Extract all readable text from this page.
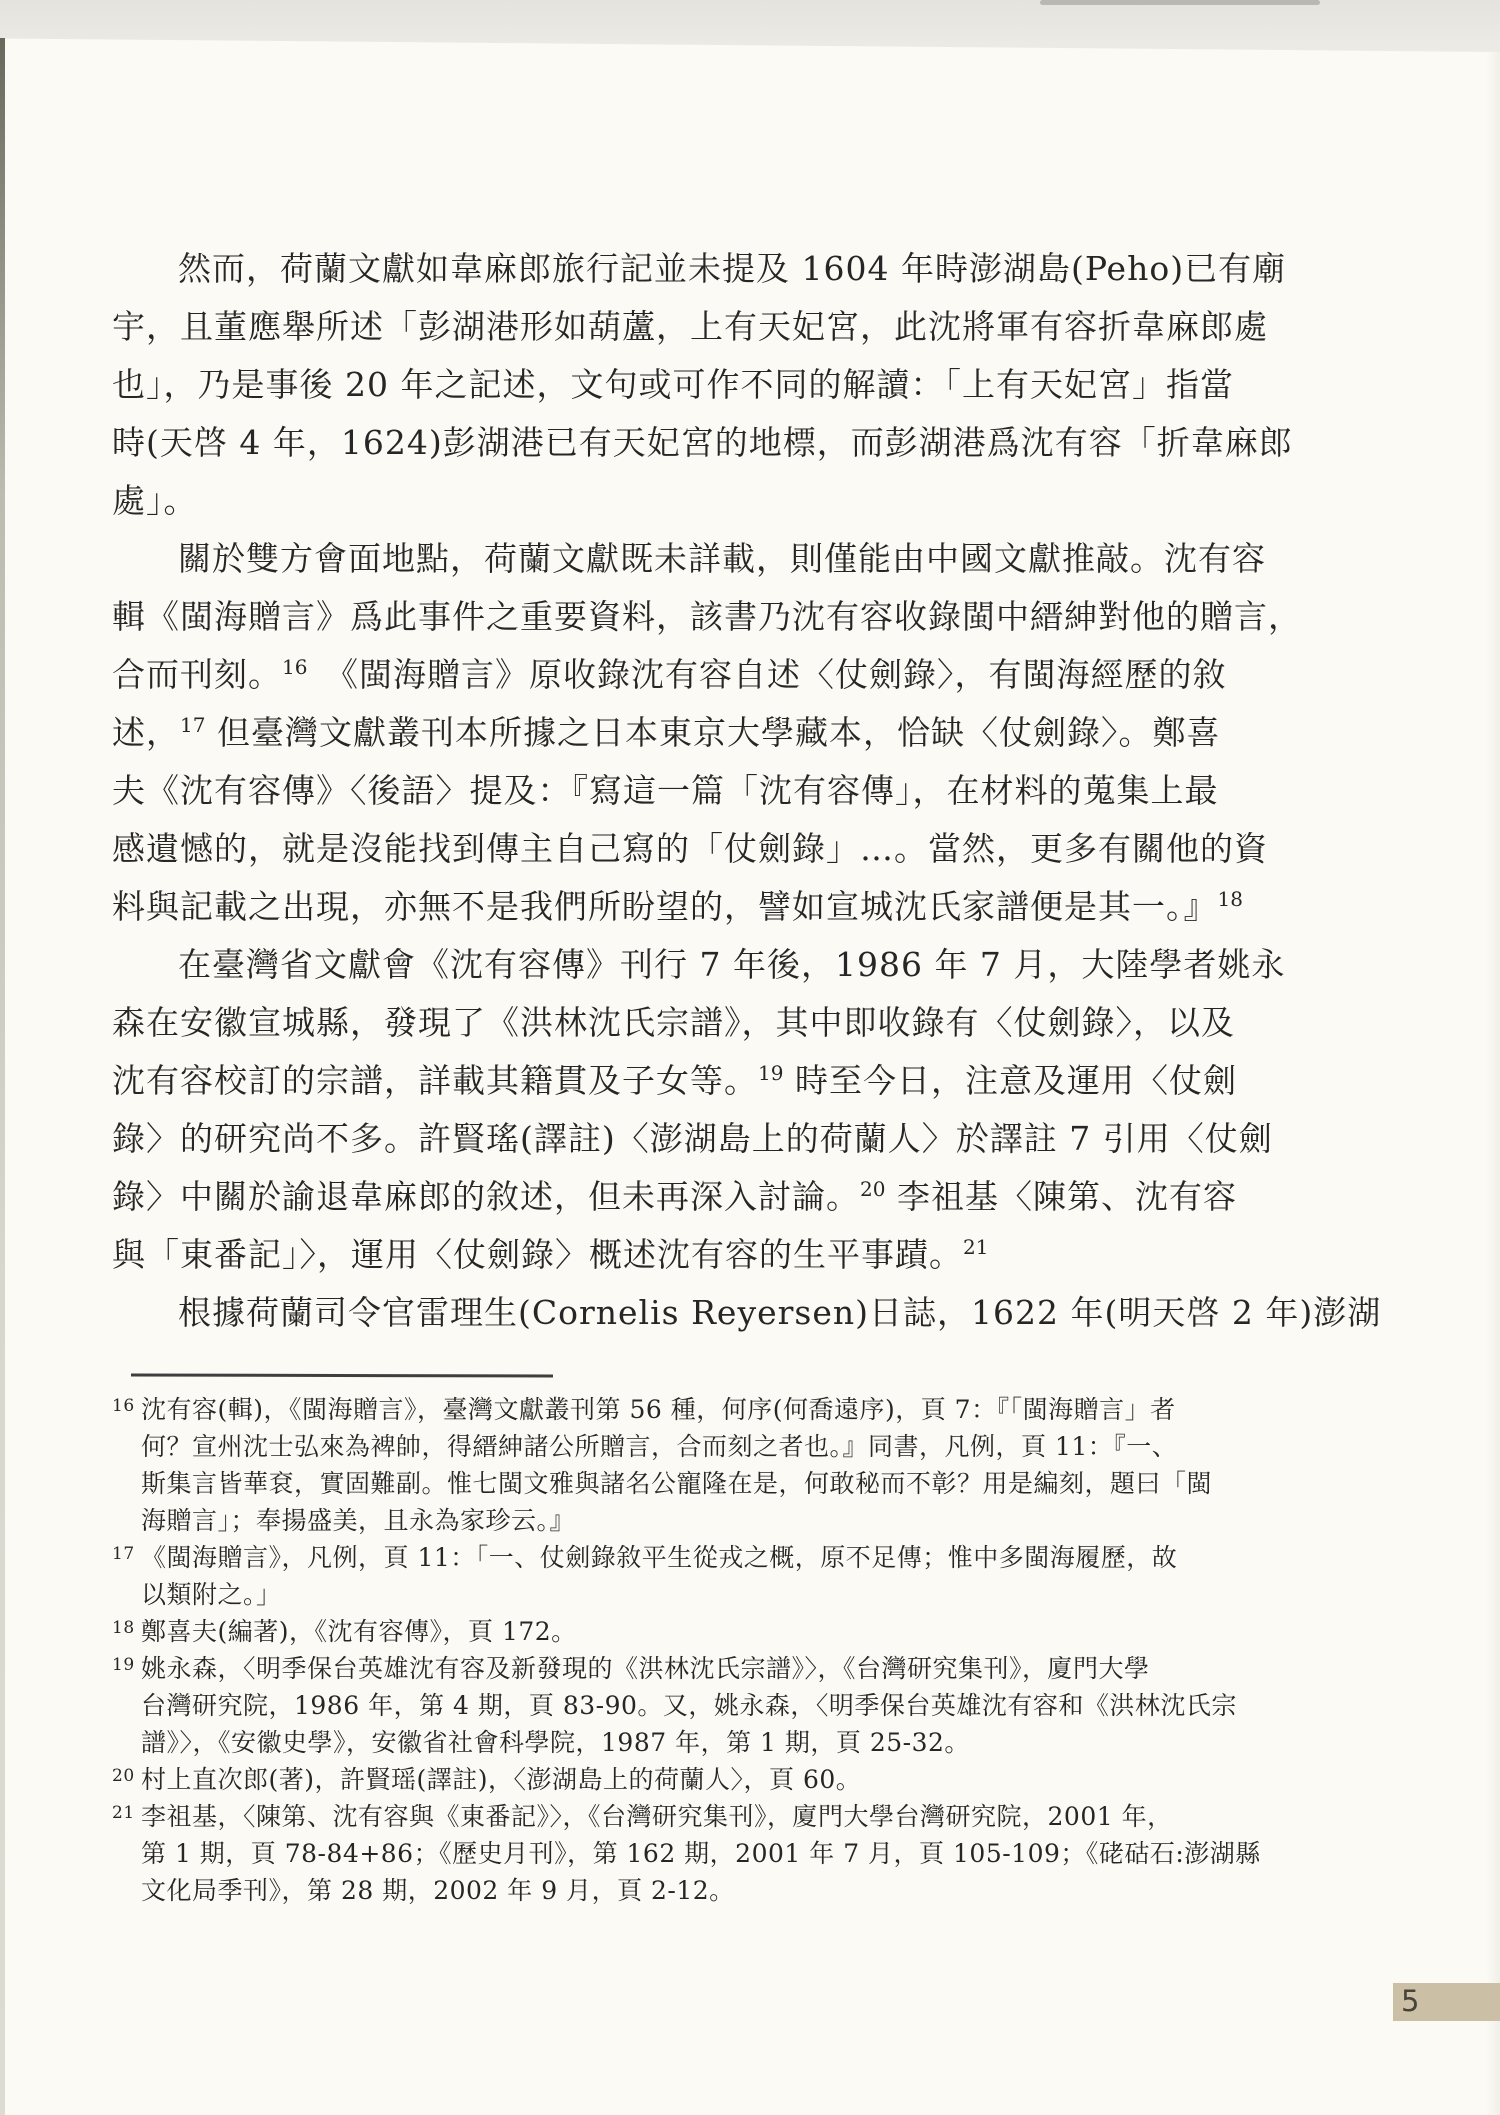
然而，荷蘭文獻如韋麻郎旅行記並未提及 1604 年時澎湖島(Peho)已有廟
宇，且董應舉所述「彭湖港形如葫蘆，上有天妃宮，此沈將軍有容折韋麻郎處
也」，乃是事後 20 年之記述，文句或可作不同的解讀：「上有天妃宮」指當
時(天啓 4 年，1624)彭湖港已有天妃宮的地標，而彭湖港爲沈有容「折韋麻郎
處」。
關於雙方會面地點，荷蘭文獻既未詳載，則僅能由中國文獻推敲。沈有容
輯《閩海贈言》爲此事件之重要資料，該書乃沈有容收錄閩中縉紳對他的贈言，
合而刊刻。$^{16}$　《閩海贈言》原收錄沈有容自述〈仗劍錄〉，有閩海經歷的敘
述，$^{17}$ 但臺灣文獻叢刊本所據之日本東京大學藏本，恰缺〈仗劍錄〉。鄭喜
夫《沈有容傳》〈後語〉提及：『寫這一篇「沈有容傳」，在材料的蒐集上最
感遺憾的，就是沒能找到傳主自己寫的「仗劍錄」…。當然，更多有關他的資
料與記載之出現，亦無不是我們所盼望的，譬如宣城沈氏家譜便是其一。』$^{18}$
在臺灣省文獻會《沈有容傳》刊行 7 年後，1986 年 7 月，大陸學者姚永
森在安徽宣城縣，發現了《洪林沈氏宗譜》，其中即收錄有〈仗劍錄〉，以及
沈有容校訂的宗譜，詳載其籍貫及子女等。$^{19}$ 時至今日，注意及運用〈仗劍
錄〉的研究尚不多。許賢瑤(譯註)〈澎湖島上的荷蘭人〉於譯註 7 引用〈仗劍
錄〉中關於諭退韋麻郎的敘述，但未再深入討論。$^{20}$ 李祖基〈陳第、沈有容
與「東番記」〉，運用〈仗劍錄〉概述沈有容的生平事蹟。$^{21}$
根據荷蘭司令官雷理生(Cornelis Reyersen)日誌，1622 年(明天啓 2 年)澎湖
16 沈有容(輯)，《閩海贈言》，臺灣文獻叢刊第 56 種，何序(何喬遠序)，頁 7：『「閩海贈言」者
何？宣州沈士弘來為裨帥，得縉紳諸公所贈言，合而刻之者也。』同書，凡例，頁 11：『一、
斯集言皆華袞，實固難副。惟七閩文雅與諸名公寵隆在是，何敢秘而不彰？用是編刻，題曰「閩
海贈言」；奉揚盛美，且永為家珍云。』
17 《閩海贈言》，凡例，頁 11：「一、仗劍錄敘平生從戎之概，原不足傳；惟中多閩海履歷，故
以類附之。」
18 鄭喜夫(編著)，《沈有容傳》，頁 172。
19 姚永森，〈明季保台英雄沈有容及新發現的《洪林沈氏宗譜》〉，《台灣研究集刊》，廈門大學
台灣研究院，1986 年，第 4 期，頁 83-90。又，姚永森，〈明季保台英雄沈有容和《洪林沈氏宗
譜》〉，《安徽史學》，安徽省社會科學院，1987 年，第 1 期，頁 25-32。
20 村上直次郎(著)，許賢瑶(譯註)，〈澎湖島上的荷蘭人〉，頁 60。
21 李祖基，〈陳第、沈有容與《東番記》〉，《台灣研究集刊》，廈門大學台灣研究院，2001 年，
第 1 期，頁 78-84+86；《歷史月刊》，第 162 期，2001 年 7 月，頁 105-109；《硓𥑮石:澎湖縣
文化局季刊》，第 28 期，2002 年 9 月，頁 2-12。
5
